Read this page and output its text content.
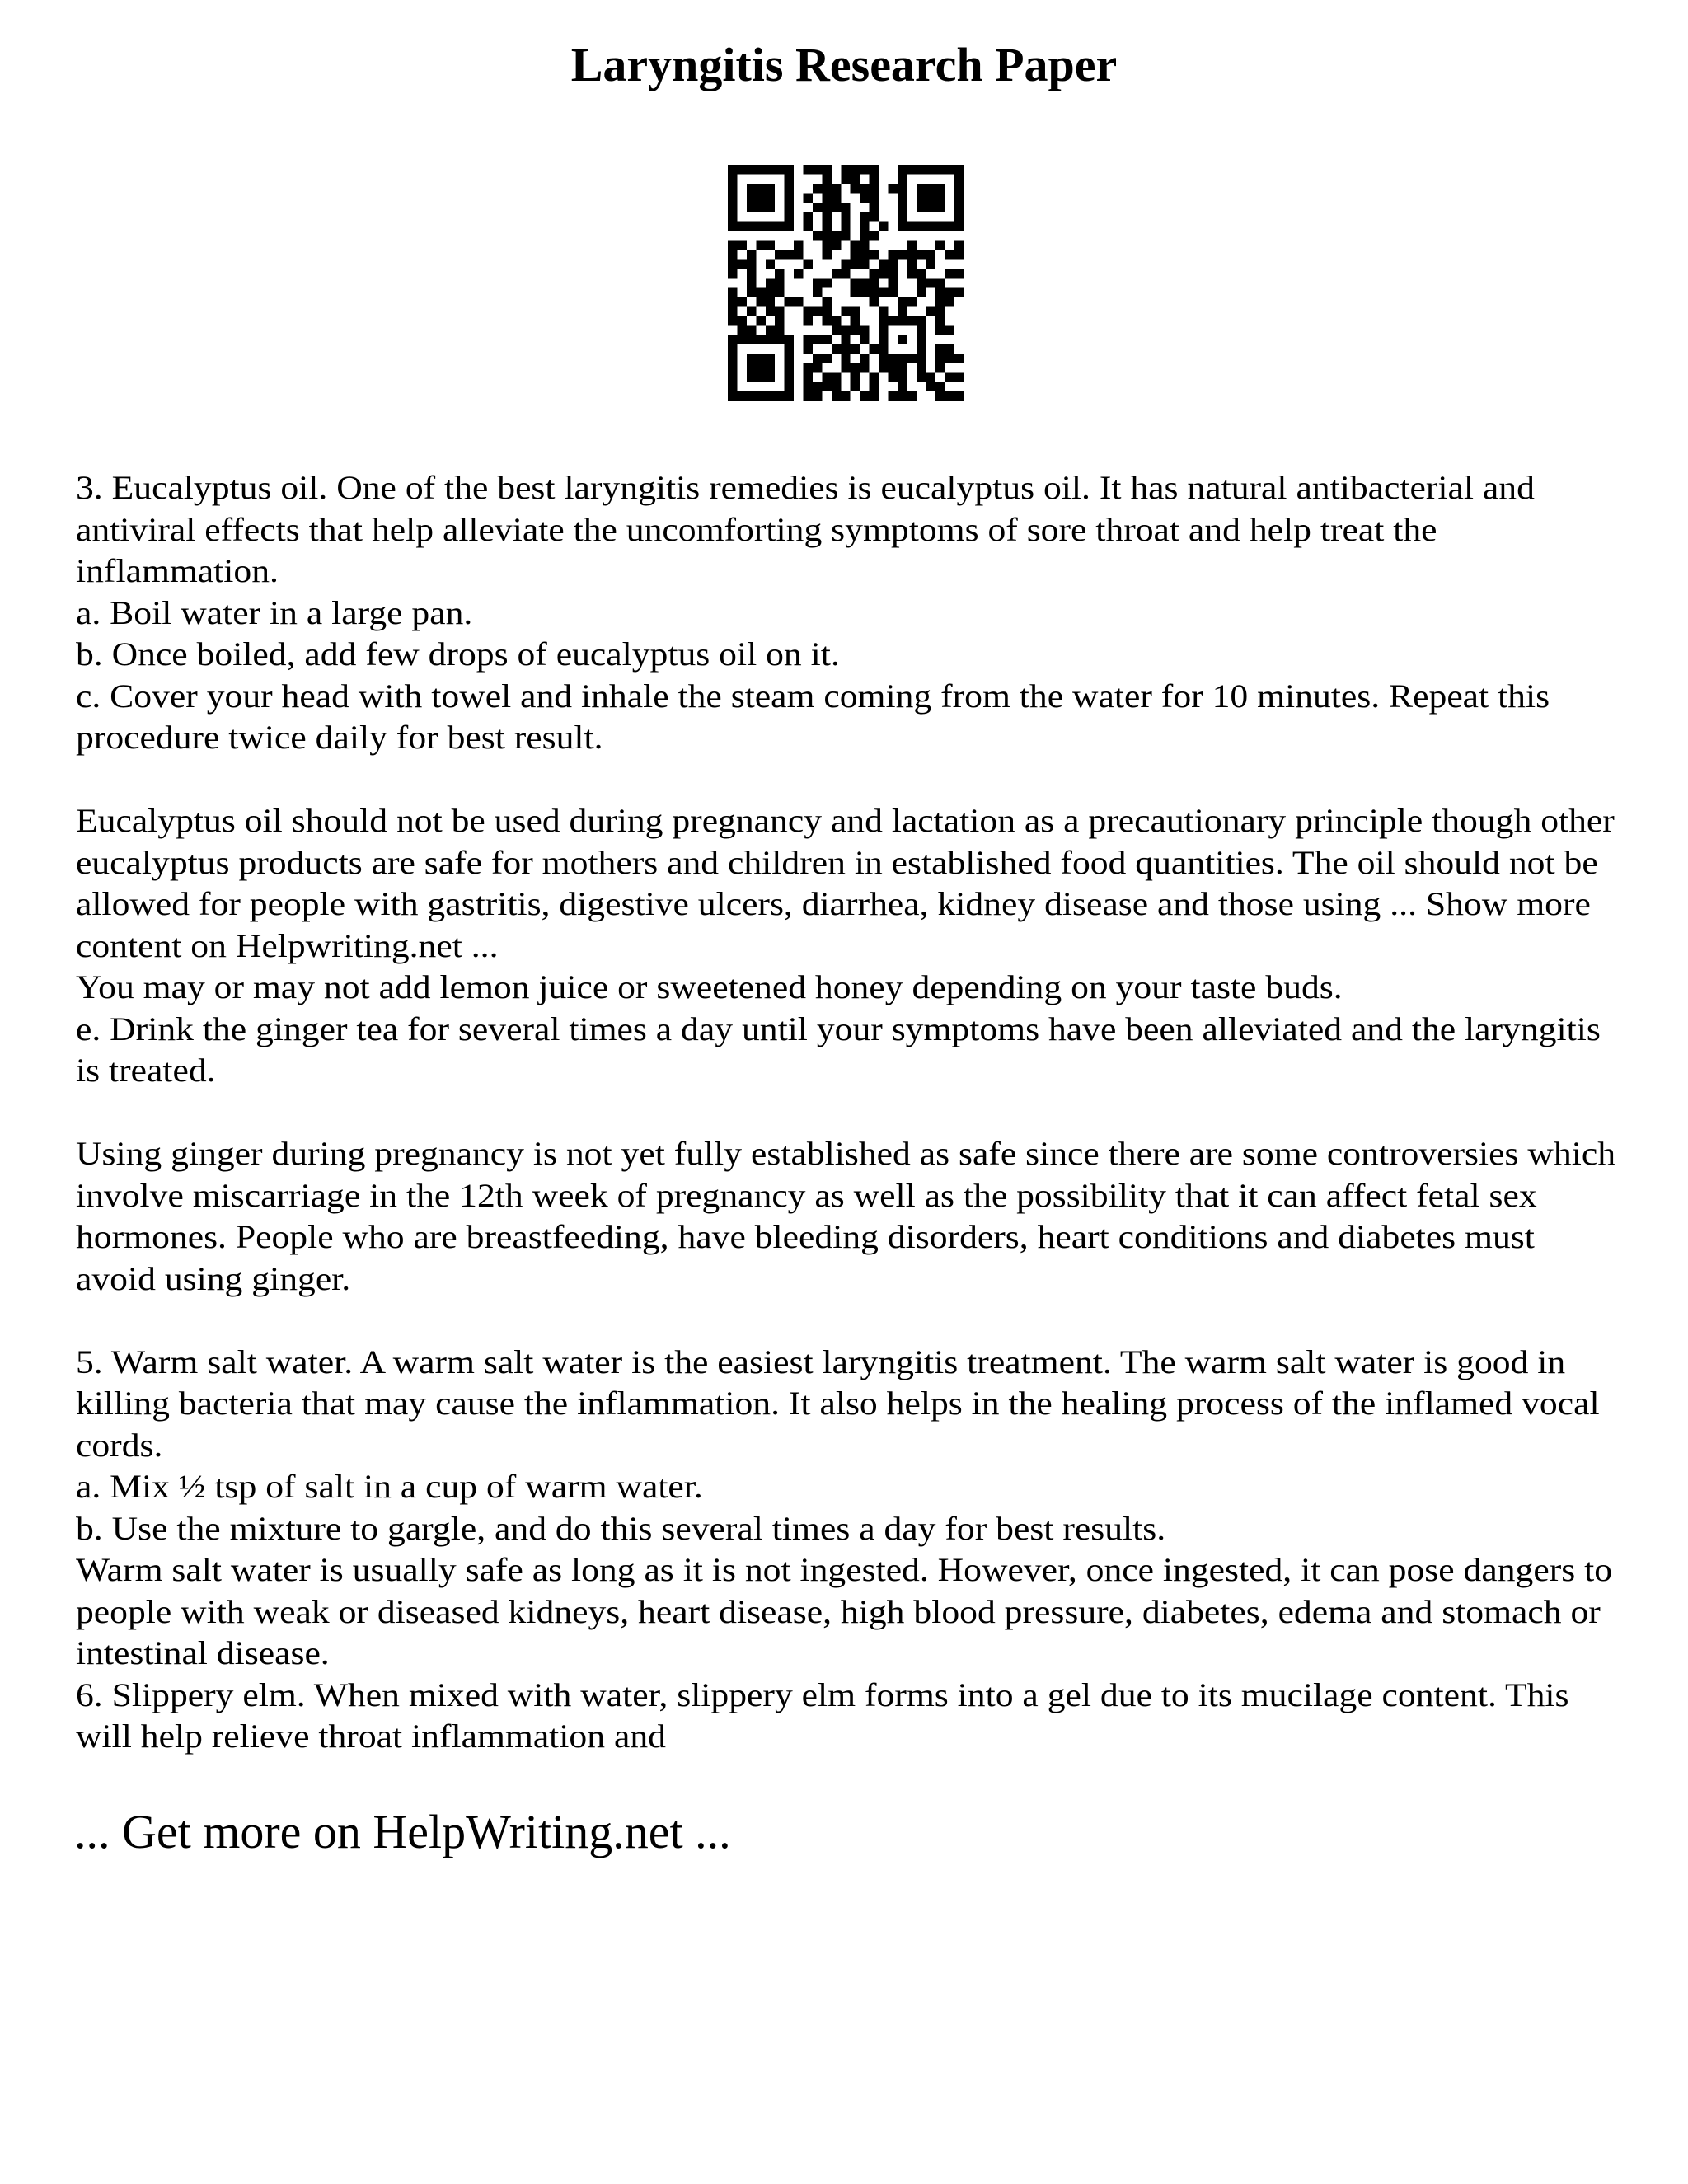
Laryngitis Research Paper
3. Eucalyptus oil. One of the best laryngitis remedies is eucalyptus oil. It has natural antibacterial and
antiviral effects that help alleviate the uncomforting symptoms of sore throat and help treat the
inflammation.
a. Boil water in a large pan.
b. Once boiled, add few drops of eucalyptus oil on it.
c. Cover your head with towel and inhale the steam coming from the water for 10 minutes. Repeat this
procedure twice daily for best result.
Eucalyptus oil should not be used during pregnancy and lactation as a precautionary principle though other
eucalyptus products are safe for mothers and children in established food quantities. The oil should not be
allowed for people with gastritis, digestive ulcers, diarrhea, kidney disease and those using ... Show more
content on Helpwriting.net ...
You may or may not add lemon juice or sweetened honey depending on your taste buds.
e. Drink the ginger tea for several times a day until your symptoms have been alleviated and the laryngitis
is treated.
Using ginger during pregnancy is not yet fully established as safe since there are some controversies which
involve miscarriage in the 12th week of pregnancy as well as the possibility that it can affect fetal sex
hormones. People who are breastfeeding, have bleeding disorders, heart conditions and diabetes must
avoid using ginger.
5. Warm salt water. A warm salt water is the easiest laryngitis treatment. The warm salt water is good in
killing bacteria that may cause the inflammation. It also helps in the healing process of the inflamed vocal
cords.
a. Mix ½ tsp of salt in a cup of warm water.
b. Use the mixture to gargle, and do this several times a day for best results.
Warm salt water is usually safe as long as it is not ingested. However, once ingested, it can pose dangers to
people with weak or diseased kidneys, heart disease, high blood pressure, diabetes, edema and stomach or
intestinal disease.
6. Slippery elm. When mixed with water, slippery elm forms into a gel due to its mucilage content. This
will help relieve throat inflammation and
... Get more on HelpWriting.net ...
